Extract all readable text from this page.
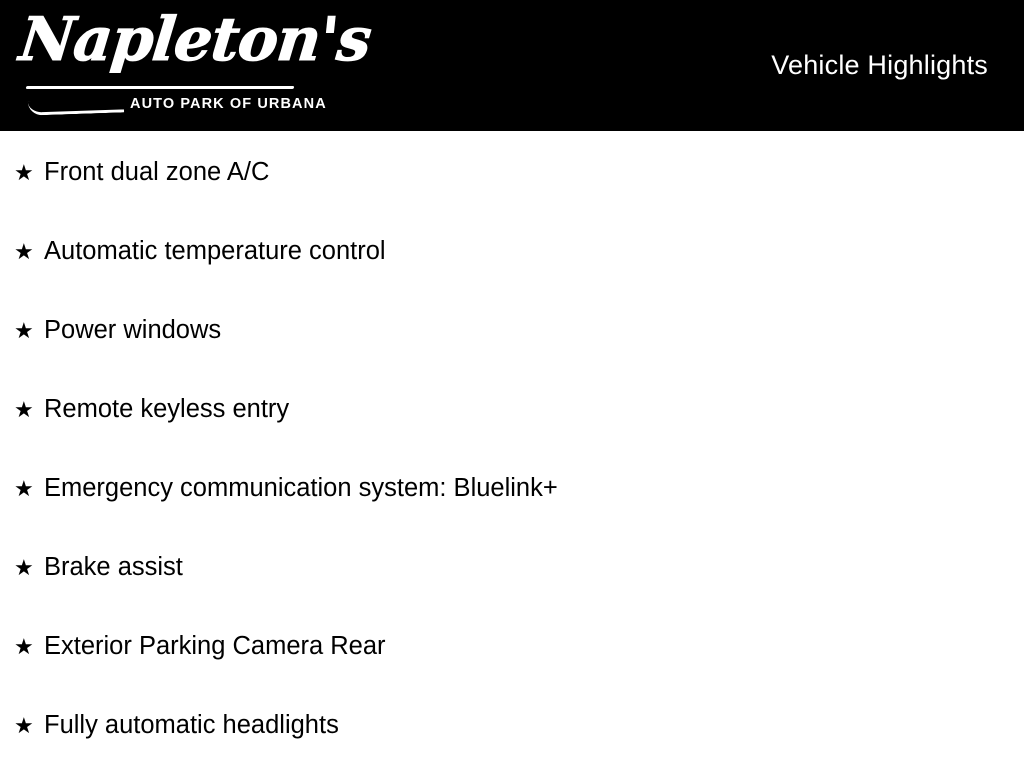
Napleton's
AUTO PARK OF URBANA
Vehicle Highlights
★ Front dual zone A/C
★ Automatic temperature control
★ Power windows
★ Remote keyless entry
★ Emergency communication system: Bluelink+
★ Brake assist
★ Exterior Parking Camera Rear
★ Fully automatic headlights
